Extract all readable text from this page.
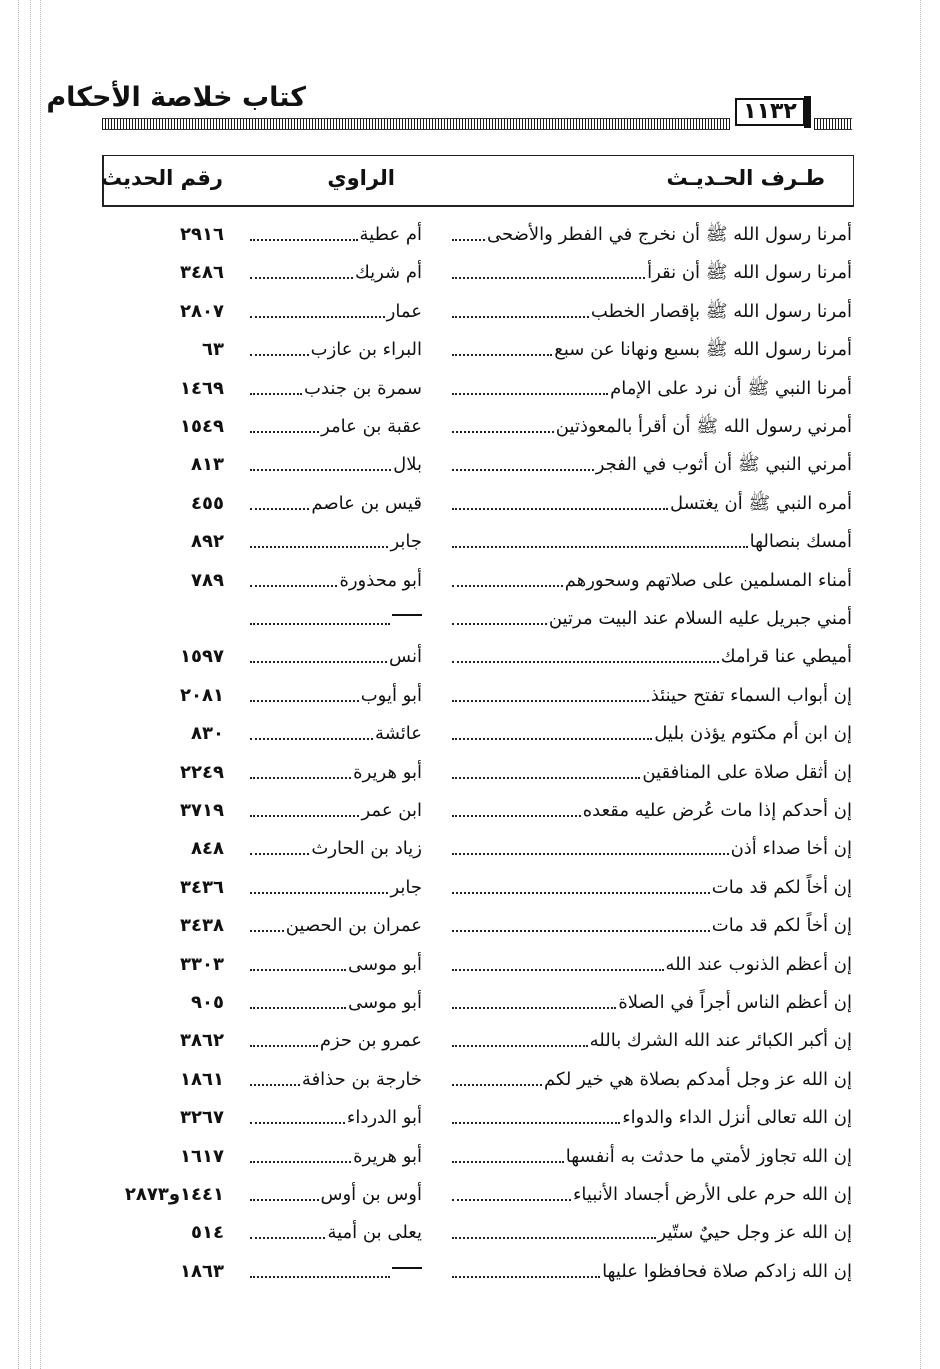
كتاب خلاصة الأحكام	١١٣٢
طـرف الحـديـث
الراوي
رقم الحديث
أمرنا رسول الله ﷺ أن نخرج في الفطر والأضحى
أم عطية
٢٩١٦
أمرنا رسول الله ﷺ أن نقرأ
أم شريك
٣٤٨٦
أمرنا رسول الله ﷺ بإقصار الخطب
عمار
٢٨٠٧
أمرنا رسول الله ﷺ بسبع ونهانا عن سبع
البراء بن عازب
٦٣
أمرنا النبي ﷺ أن نرد على الإمام
سمرة بن جندب
١٤٦٩
أمرني رسول الله ﷺ أن أقرأ بالمعوذتين
عقبة بن عامر
١٥٤٩
أمرني النبي ﷺ أن أثوب في الفجر
بلال
٨١٣
أمره النبي ﷺ أن يغتسل
قيس بن عاصم
٤٥٥
أمسك بنصالها
جابر
٨٩٢
أمناء المسلمين على صلاتهم وسحورهم
أبو محذورة
٧٨٩
أمني جبريل عليه السلام عند البيت مرتين
أميطي عنا قرامك
أنس
١٥٩٧
إن أبواب السماء تفتح حينئذ
أبو أيوب
٢٠٨١
إن ابن أم مكتوم يؤذن بليل
عائشة
٨٣٠
إن أثقل صلاة على المنافقين
أبو هريرة
٢٢٤٩
إن أحدكم إذا مات عُرض عليه مقعده
ابن عمر
٣٧١٩
إن أخا صداء أذن
زياد بن الحارث
٨٤٨
إن أخاً لكم قد مات
جابر
٣٤٣٦
إن أخاً لكم قد مات
عمران بن الحصين
٣٤٣٨
إن أعظم الذنوب عند الله
أبو موسى
٣٣٠٣
إن أعظم الناس أجراً في الصلاة
أبو موسى
٩٠٥
إن أكبر الكبائر عند الله الشرك بالله
عمرو بن حزم
٣٨٦٢
إن الله عز وجل أمدكم بصلاة هي خير لكم
خارجة بن حذافة
١٨٦١
إن الله تعالى أنزل الداء والدواء
أبو الدرداء
٣٢٦٧
إن الله تجاوز لأمتي ما حدثت به أنفسها
أبو هريرة
١٦١٧
إن الله حرم على الأرض أجساد الأنبياء
أوس بن أوس
١٤٤١و٢٨٧٣
إن الله عز وجل حييٌ ستّير
يعلى بن أمية
٥١٤
إن الله زادكم صلاة فحافظوا عليها
١٨٦٣
